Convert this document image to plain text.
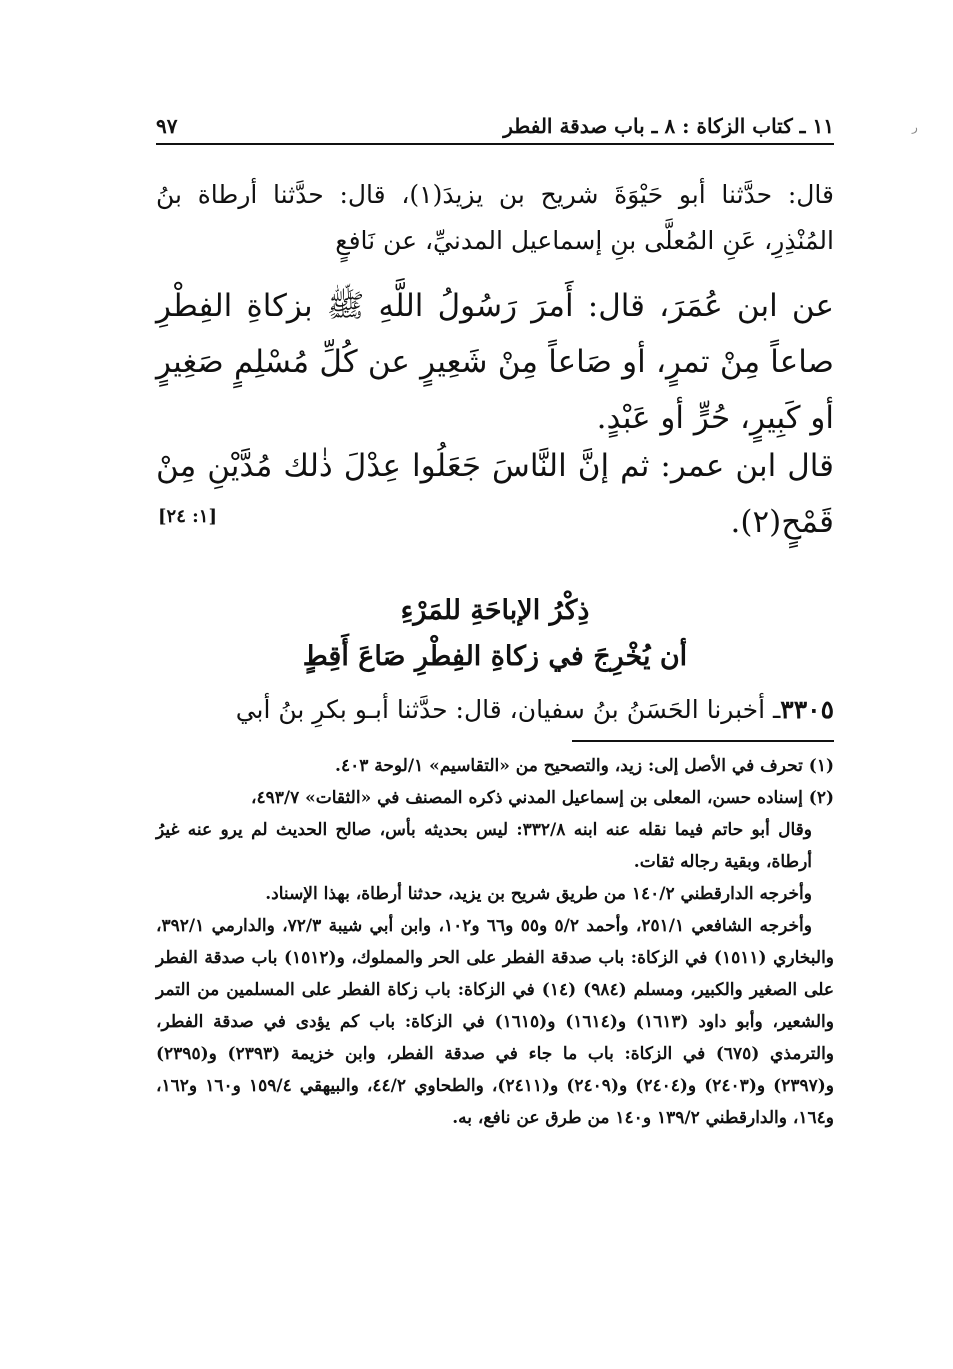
١١ ـ كتاب الزكاة : ٨ ـ باب صدقة الفطر
٩٧	ر
قال: حدَّثنا أبو حَيْوَةَ شريح بن يزيدَ(١)، قال: حدَّثنا أرطاة بنُ المُنْذِرِ، عَنِ المُعلَّى بنِ إسماعيل المدنيِّ، عن نَافعٍ
عن ابن عُمَرَ، قال: أَمرَ رَسُولُ اللَّهِ ﷺ بزكاةِ الفِطْرِ صاعاً مِنْ تمرٍ، أو صَاعاً مِنْ شَعِيرٍ عن كُلِّ مُسْلِمٍ صَغِيرٍ أو كَبِيرٍ، حُرٍّ أو عَبْدٍ.
قال ابن عمر: ثم إنَّ النَّاسَ جَعَلُوا عِدْلَ ذٰلك مُدَّيْنِ مِنْ قَمْحٍ(٢).
[١: ٢٤]
ذِكْرُ الإباحَةِ للمَرْءِ
أن يُخْرِجَ في زكاةِ الفِطْرِ صَاعَ أَقِطٍ
٣٣٠٥ـ أخبرنا الحَسَنُ بنُ سفيان، قال: حدَّثنا أبـو بكرِ بنُ أبي

(١) تحرف في الأصل إلى: زيد، والتصحيح من «التقاسيم» ١/لوحة ٤٠٣.

(٢) إسناده حسن، المعلى بن إسماعيل المدني ذكره المصنف في «الثقات» ٤٩٣/٧،

وقال أبو حاتم فيما نقله عنه ابنه ٣٣٢/٨: ليس بحديثه بأس، صالح الحديث لم يرو عنه غيرُ أرطاة، وبقية رجاله ثقات.

وأخرجه الدارقطني ١٤٠/٢ من طريق شريح بن يزيد، حدثنا أرطاة، بهذا الإسناد.

وأخرجه الشافعي ٢٥١/١، وأحمد ٥/٢ و٥٥ و٦٦ و١٠٢، وابن أبي شيبة ٧٢/٣، والدارمي ٣٩٢/١، والبخاري (١٥١١) في الزكاة: باب صدقة الفطر على الحر والمملوك، و(١٥١٢) باب صدقة الفطر على الصغير والكبير، ومسلم (٩٨٤) (١٤) في الزكاة: باب زكاة الفطر على المسلمين من التمر والشعير، وأبو داود (١٦١٣) و(١٦١٤) و(١٦١٥) في الزكاة: باب كم يؤدى في صدقة الفطر، والترمذي (٦٧٥) في الزكاة: باب ما جاء في صدقة الفطر، وابن خزيمة (٢٣٩٣) و(٢٣٩٥) و(٢٣٩٧) و(٢٤٠٣) و(٢٤٠٤) و(٢٤٠٩) و(٢٤١١)، والطحاوي ٤٤/٢، والبيهقي ١٥٩/٤ و١٦٠ و١٦٢، و١٦٤، والدارقطني ١٣٩/٢ و١٤٠ من طرق عن نافع، به.
